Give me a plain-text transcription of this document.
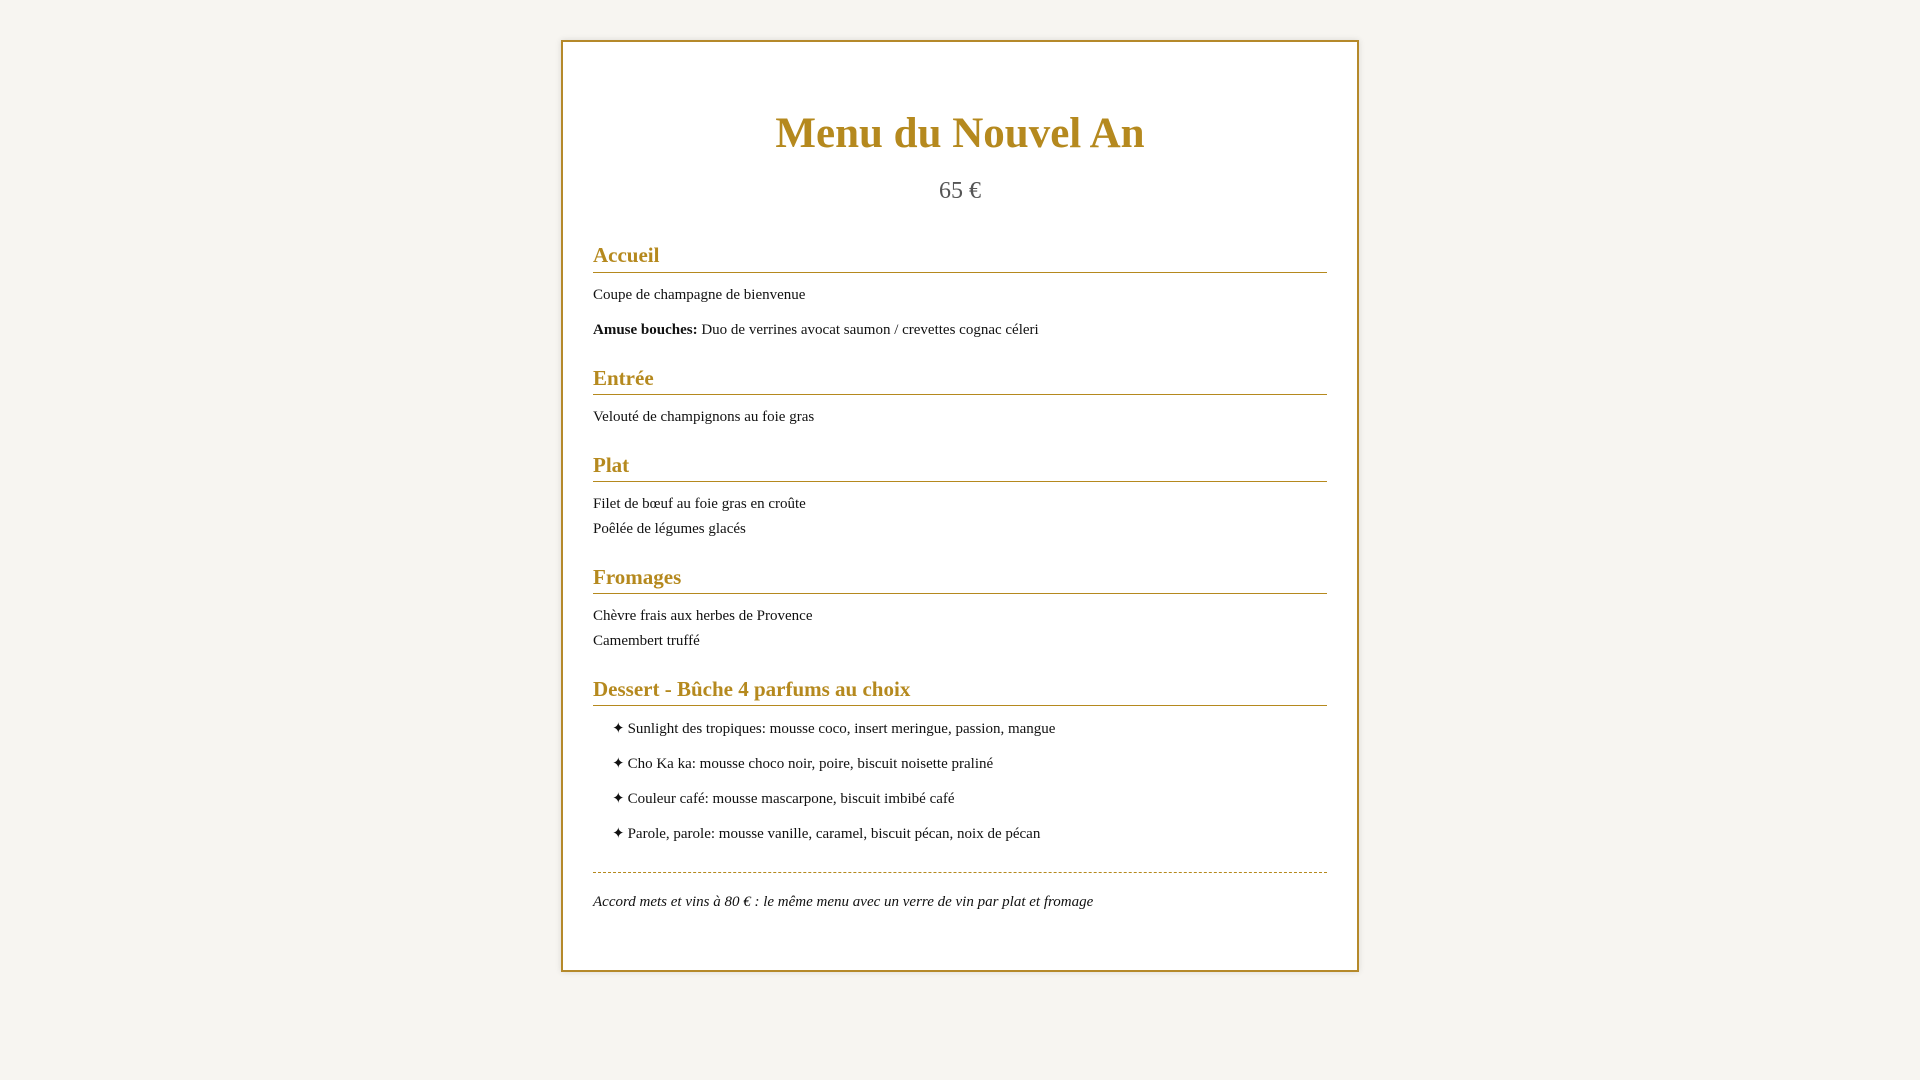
Menu du Nouvel An
65 €
Accueil
Coupe de champagne de bienvenue
Amuse bouches: Duo de verrines avocat saumon / crevettes cognac céleri
Entrée
Velouté de champignons au foie gras
Plat
Filet de bœuf au foie gras en croûte
Poêlée de légumes glacés
Fromages
Chèvre frais aux herbes de Provence
Camembert truffé
Dessert - Bûche 4 parfums au choix
✦ Sunlight des tropiques: mousse coco, insert meringue, passion, mangue
✦ Cho Ka ka: mousse choco noir, poire, biscuit noisette praliné
✦ Couleur café: mousse mascarpone, biscuit imbibé café
✦ Parole, parole: mousse vanille, caramel, biscuit pécan, noix de pécan
Accord mets et vins à 80 € : le même menu avec un verre de vin par plat et fromage
